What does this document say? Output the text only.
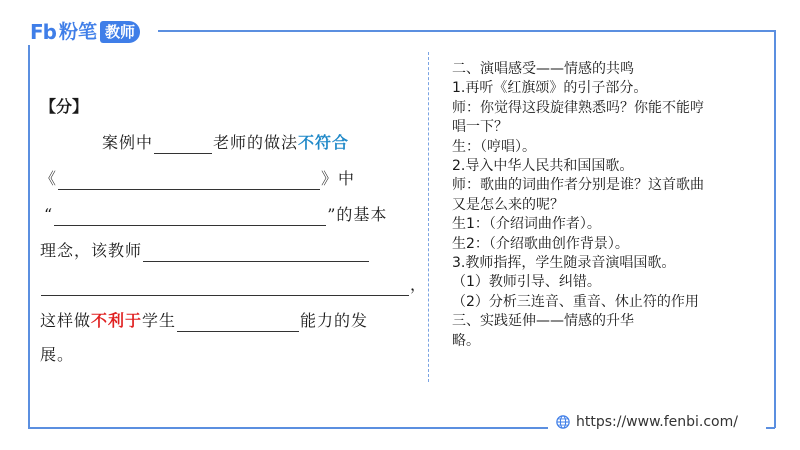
Fb 粉笔 教师
【分】
案例中	老师的做法不符合
《	》中
“	”的基本
理念，该教师
，
这样做不利于学生	能力的发
展。
二、演唱感受——情感的共鸣
1.再听《红旗颂》的引子部分。
师：你觉得这段旋律熟悉吗？你能不能哼
唱一下？
生：（哼唱）。
2.导入中华人民共和国国歌。
师：歌曲的词曲作者分别是谁？这首歌曲
又是怎么来的呢？
生1：（介绍词曲作者）。
生2：（介绍歌曲创作背景）。
3.教师指挥，学生随录音演唱国歌。
（1）教师引导、纠错。
（2）分析三连音、重音、休止符的作用
三、实践延伸——情感的升华
略。
https://www.fenbi.com/
